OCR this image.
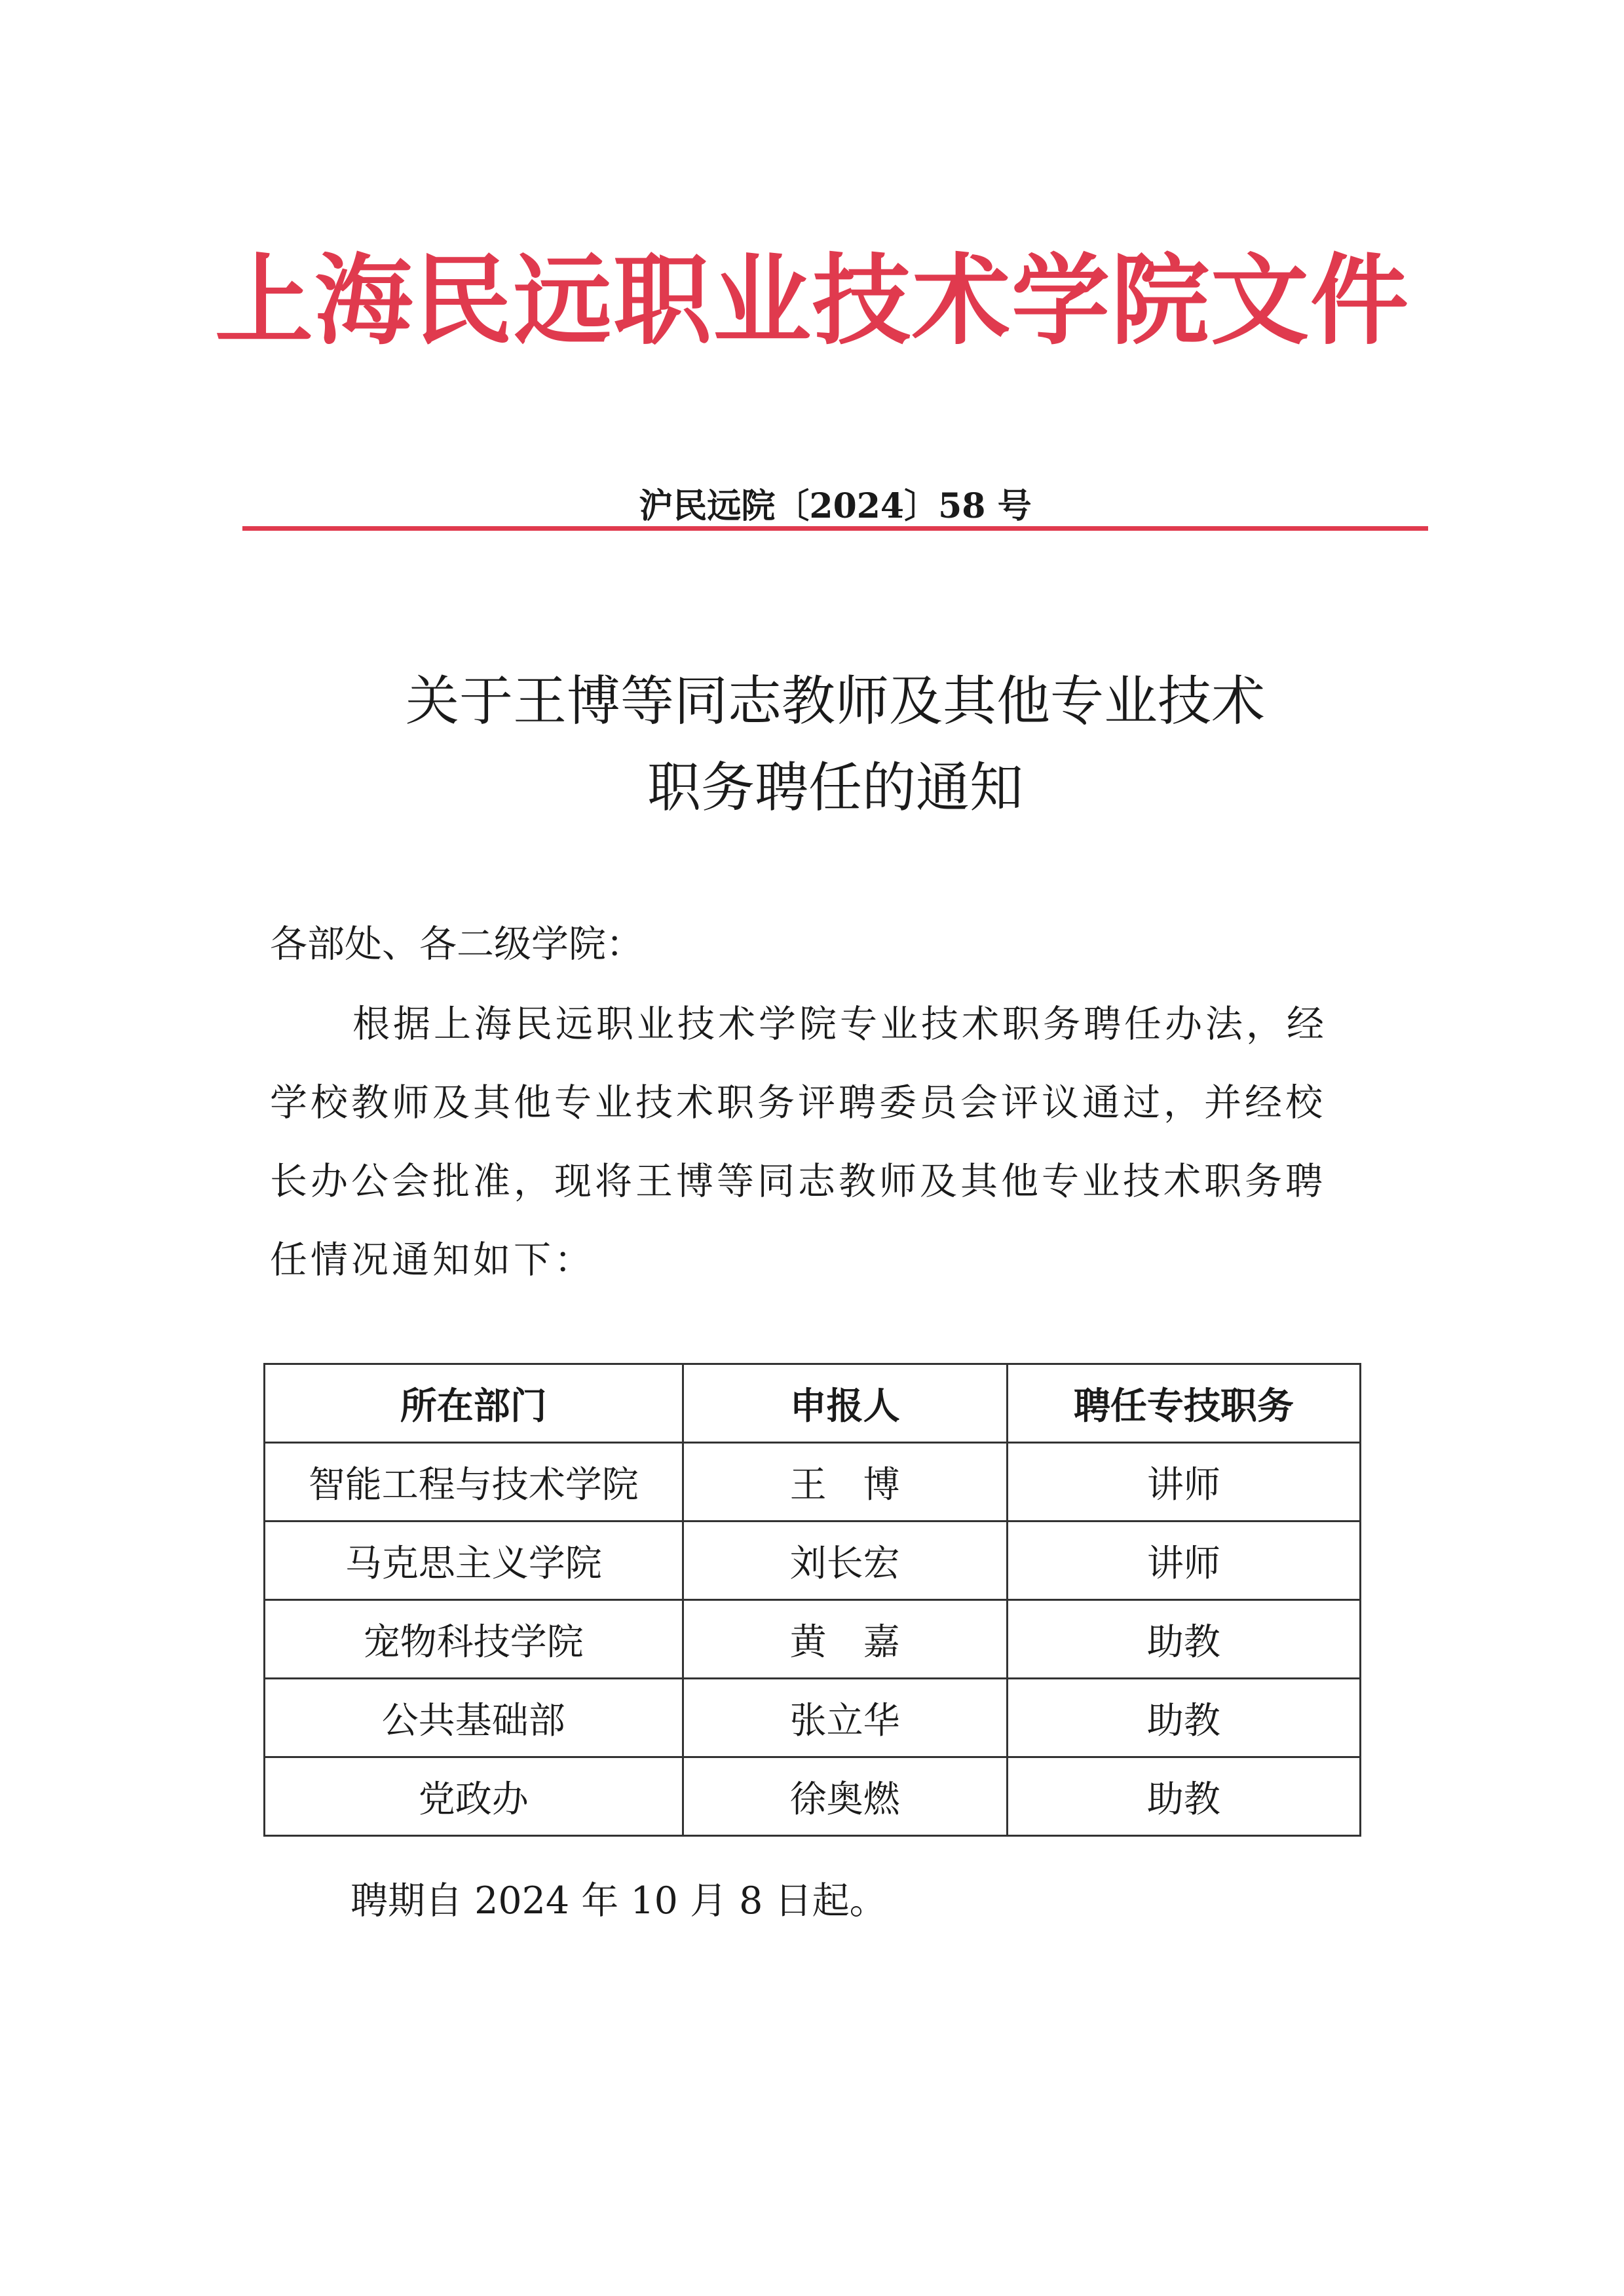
上海民远职业技术学院文件
沪民远院〔2024〕58 号
关于王博等同志教师及其他专业技术
职务聘任的通知
各部处、各二级学院：
根据上海民远职业技术学院专业技术职务聘任办法，经
学校教师及其他专业技术职务评聘委员会评议通过，并经校
长办公会批准，现将王博等同志教师及其他专业技术职务聘
任情况通知如下：
所在部门	申报人	聘任专技职务
智能工程与技术学院	王　博	讲师
马克思主义学院	刘长宏	讲师
宠物科技学院	黄　嘉	助教
公共基础部	张立华	助教
党政办	徐奥燃	助教
聘期自 2024 年 10 月 8 日起。
